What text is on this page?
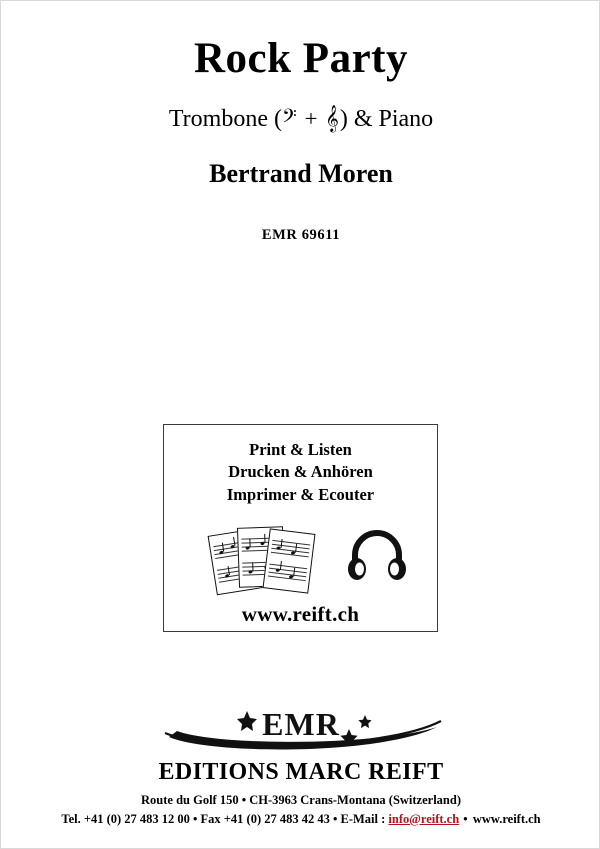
Rock Party
Trombone (𝄢 + 𝄞) & Piano
Bertrand Moren
EMR 69611
Print & Listen
Drucken & Anhören
Imprimer & Ecouter
www.reift.ch
EMR
EDITIONS MARC REIFT
Route du Golf 150 • CH-3963 Crans-Montana (Switzerland)
Tel. +41 (0) 27 483 12 00 • Fax +41 (0) 27 483 42 43 • E-Mail : info@reift.ch • www.reift.ch
